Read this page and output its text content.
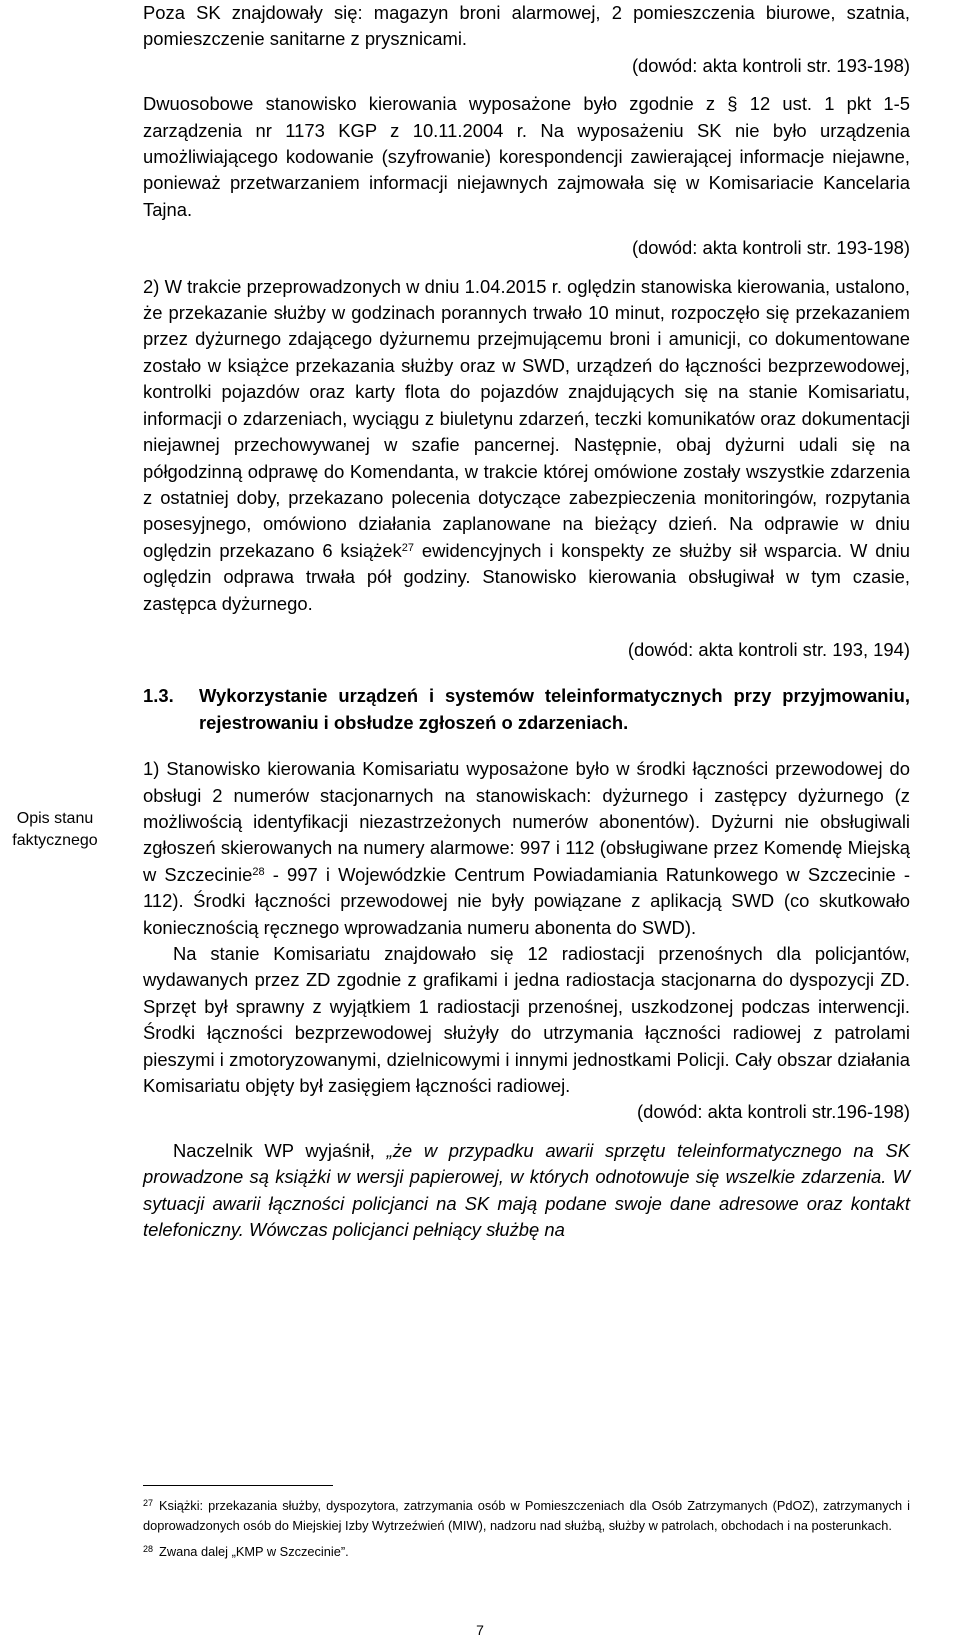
Opis stanu faktycznego

Poza SK znajdowały się: magazyn broni alarmowej, 2 pomieszczenia biurowe, szatnia, pomieszczenie sanitarne z prysznicami.

(dowód: akta kontroli str. 193-198)

Dwuosobowe stanowisko kierowania wyposażone było zgodnie z § 12 ust. 1 pkt 1-5 zarządzenia nr 1173 KGP z 10.11.2004 r. Na wyposażeniu SK nie było urządzenia umożliwiającego kodowanie (szyfrowanie) korespondencji zawierającej informacje niejawne, ponieważ przetwarzaniem informacji niejawnych zajmowała się w Komisariacie Kancelaria Tajna.

(dowód: akta kontroli str. 193-198)

2) W trakcie przeprowadzonych w dniu 1.04.2015 r. oględzin stanowiska kierowania, ustalono, że przekazanie służby w godzinach porannych trwało 10 minut, rozpoczęło się przekazaniem przez dyżurnego zdającego dyżurnemu przejmującemu broni i amunicji, co dokumentowane zostało w książce przekazania służby oraz w SWD, urządzeń do łączności bezprzewodowej, kontrolki pojazdów oraz karty flota do pojazdów znajdujących się na stanie Komisariatu, informacji o zdarzeniach, wyciągu z biuletynu zdarzeń, teczki komunikatów oraz dokumentacji niejawnej przechowywanej w szafie pancernej. Następnie, obaj dyżurni udali się na półgodzinną odprawę do Komendanta, w trakcie której omówione zostały wszystkie zdarzenia z ostatniej doby, przekazano polecenia dotyczące zabezpieczenia monitoringów, rozpytania posesyjnego, omówiono działania zaplanowane na bieżący dzień. Na odprawie w dniu oględzin przekazano 6 książek$^{27}$ ewidencyjnych i konspekty ze służby sił wsparcia. W dniu oględzin odprawa trwała pół godziny. Stanowisko kierowania obsługiwał w tym czasie, zastępca dyżurnego.

(dowód: akta kontroli str. 193, 194)

1.3.	Wykorzystanie urządzeń i systemów teleinformatycznych przy przyjmowaniu, rejestrowaniu i obsłudze zgłoszeń o zdarzeniach.

1) Stanowisko kierowania Komisariatu wyposażone było w środki łączności przewodowej do obsługi 2 numerów stacjonarnych na stanowiskach: dyżurnego i zastępcy dyżurnego (z możliwością identyfikacji niezastrzeżonych numerów abonentów). Dyżurni nie obsługiwali zgłoszeń skierowanych na numery alarmowe: 997 i 112 (obsługiwane przez Komendę Miejską w Szczecinie$^{28}$ - 997 i Wojewódzkie Centrum Powiadamiania Ratunkowego w Szczecinie - 112). Środki łączności przewodowej nie były powiązane z aplikacją SWD (co skutkowało koniecznością ręcznego wprowadzania numeru abonenta do SWD).

Na stanie Komisariatu znajdowało się 12 radiostacji przenośnych dla policjantów, wydawanych przez ZD zgodnie z grafikami i jedna radiostacja stacjonarna do dyspozycji ZD. Sprzęt był sprawny z wyjątkiem 1 radiostacji przenośnej, uszkodzonej podczas interwencji. Środki łączności bezprzewodowej służyły do utrzymania łączności radiowej z patrolami pieszymi i zmotoryzowanymi, dzielnicowymi i innymi jednostkami Policji. Cały obszar działania Komisariatu objęty był zasięgiem łączności radiowej.

(dowód: akta kontroli str.196-198)

Naczelnik WP wyjaśnił, „że w przypadku awarii sprzętu teleinformatycznego na SK prowadzone są książki w wersji papierowej, w których odnotowuje się wszelkie zdarzenia. W sytuacji awarii łączności policjanci na SK mają podane swoje dane adresowe oraz kontakt telefoniczny. Wówczas policjanci pełniący służbę na

$^{27}$ Książki: przekazania służby, dyspozytora, zatrzymania osób w Pomieszczeniach dla Osób Zatrzymanych (PdOZ), zatrzymanych i doprowadzonych osób do Miejskiej Izby Wytrzeźwień (MIW), nadzoru nad służbą, służby w patrolach, obchodach i na posterunkach.

$^{28}$ Zwana dalej „KMP w Szczecinie”.

7
